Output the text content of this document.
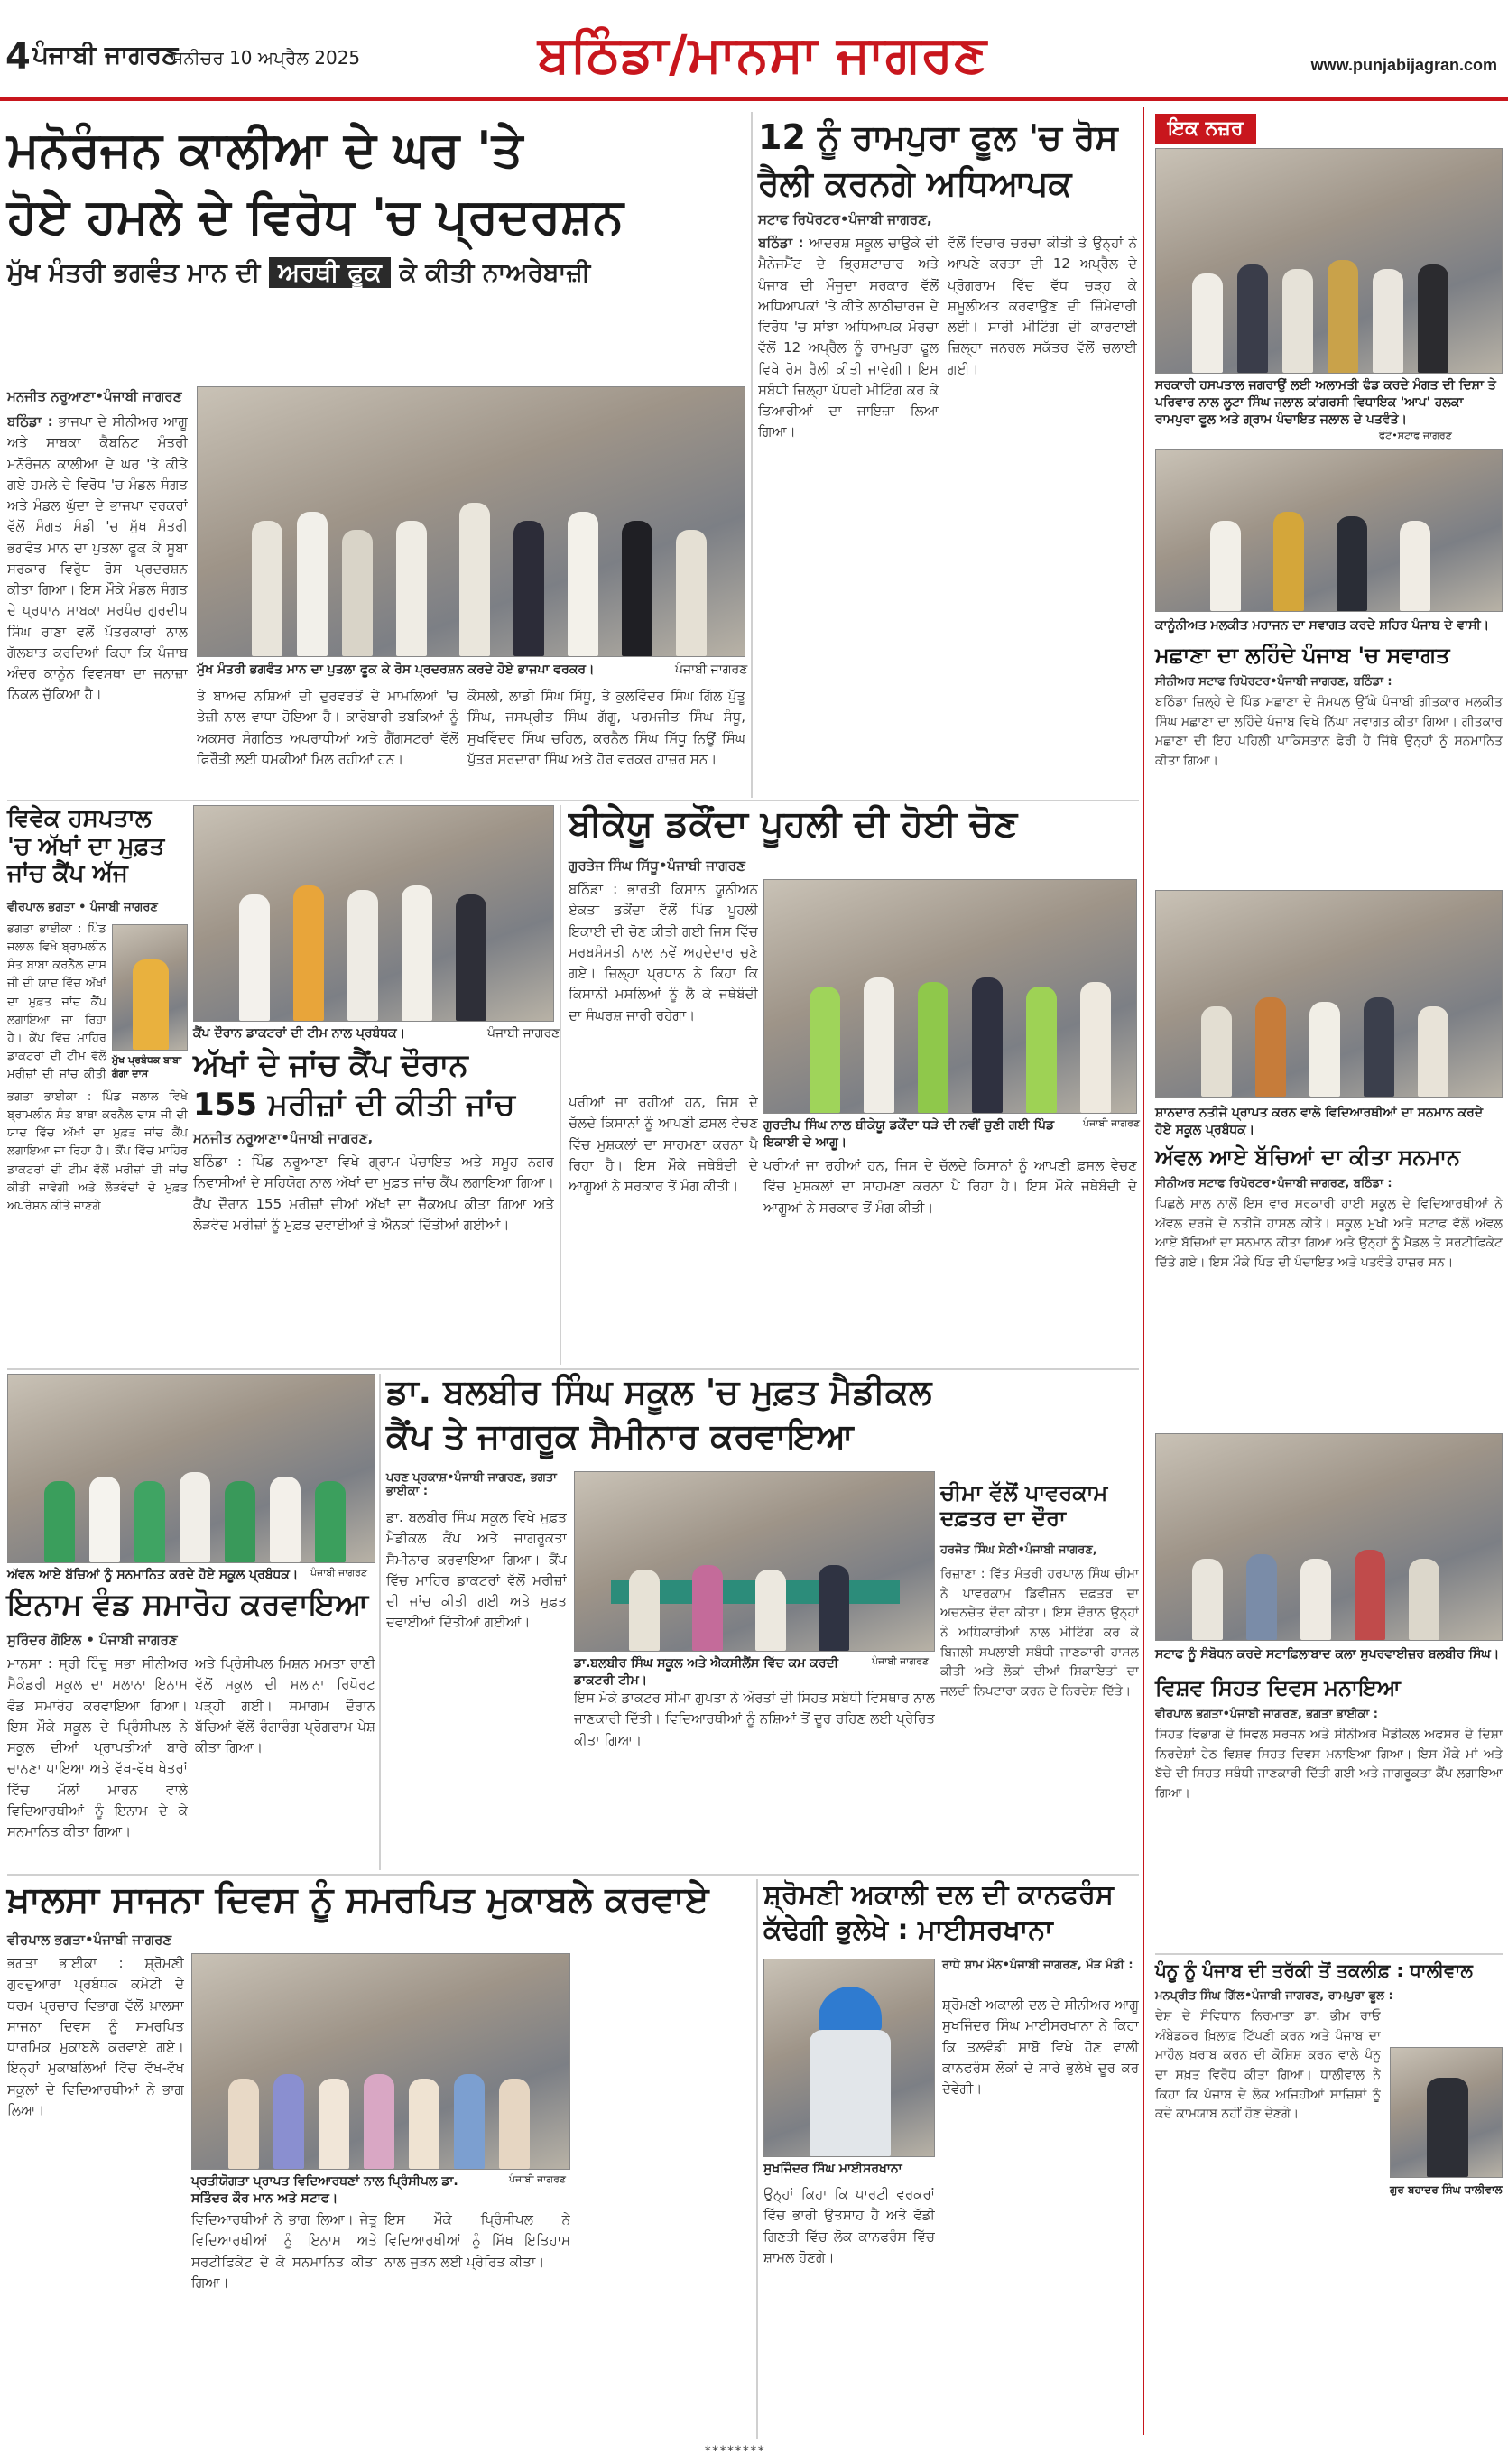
4 ਪੰਜਾਬੀ ਜਾਗਰਣ
ਸਨੀਚਰ 10 ਅਪ੍ਰੈਲ 2025	ਬਠਿੰਡਾ/ਮਾਨਸਾ ਜਾਗਰਣ	www.punjabijagran.com
ਮਨੋਰੰਜਨ ਕਾਲੀਆ ਦੇ ਘਰ 'ਤੇ
ਹੋਏ ਹਮਲੇ ਦੇ ਵਿਰੋਧ 'ਚ ਪ੍ਰਦਰਸ਼ਨ
ਮੁੱਖ ਮੰਤਰੀ ਭਗਵੰਤ ਮਾਨ ਦੀ ਅਰਥੀ ਫੂਕ ਕੇ ਕੀਤੀ ਨਾਅਰੇਬਾਜ਼ੀ
ਮਨਜੀਤ ਨਰੂਆਣਾ•ਪੰਜਾਬੀ ਜਾਗਰਣ
ਬਠਿੰਡਾ : ਭਾਜਪਾ ਦੇ ਸੀਨੀਅਰ ਆਗੂ ਅਤੇ ਸਾਬਕਾ ਕੈਬਨਿਟ ਮੰਤਰੀ ਮਨੋਰੰਜਨ ਕਾਲੀਆ ਦੇ ਘਰ 'ਤੇ ਕੀਤੇ ਗਏ ਹਮਲੇ ਦੇ ਵਿਰੋਧ 'ਚ ਮੰਡਲ ਸੰਗਤ ਅਤੇ ਮੰਡਲ ਘੁੱਦਾ ਦੇ ਭਾਜਪਾ ਵਰਕਰਾਂ ਵੱਲੋਂ ਸੰਗਤ ਮੰਡੀ 'ਚ ਮੁੱਖ ਮੰਤਰੀ ਭਗਵੰਤ ਮਾਨ ਦਾ ਪੁਤਲਾ ਫੂਕ ਕੇ ਸੂਬਾ ਸਰਕਾਰ ਵਿਰੁੱਧ ਰੋਸ ਪ੍ਰਦਰਸ਼ਨ ਕੀਤਾ ਗਿਆ। ਇਸ ਮੌਕੇ ਮੰਡਲ ਸੰਗਤ ਦੇ ਪ੍ਰਧਾਨ ਸਾਬਕਾ ਸਰਪੰਚ ਗੁਰਦੀਪ ਸਿੰਘ ਰਾਣਾ ਵਲੋਂ ਪੱਤਰਕਾਰਾਂ ਨਾਲ ਗੱਲਬਾਤ ਕਰਦਿਆਂ ਕਿਹਾ ਕਿ ਪੰਜਾਬ ਅੰਦਰ ਕਾਨੂੰਨ ਵਿਵਸਥਾ ਦਾ ਜਨਾਜ਼ਾ ਨਿਕਲ ਚੁੱਕਿਆ ਹੈ।
ਮੁੱਖ ਮੰਤਰੀ ਭਗਵੰਤ ਮਾਨ ਦਾ ਪੁਤਲਾ ਫੂਕ ਕੇ ਰੋਸ ਪ੍ਰਦਰਸ਼ਨ ਕਰਦੇ ਹੋਏ ਭਾਜਪਾ ਵਰਕਰ।	ਪੰਜਾਬੀ ਜਾਗਰਣ
ਤੇ ਬਾਅਦ ਨਸ਼ਿਆਂ ਦੀ ਦੁਰਵਰਤੋਂ ਦੇ ਮਾਮਲਿਆਂ 'ਚ ਤੇਜ਼ੀ ਨਾਲ ਵਾਧਾ ਹੋਇਆ ਹੈ। ਕਾਰੋਬਾਰੀ ਤਬਕਿਆਂ ਨੂੰ ਅਕਸਰ ਸੰਗਠਿਤ ਅਪਰਾਧੀਆਂ ਅਤੇ ਗੈਂਗਸਟਰਾਂ ਵੱਲੋਂ ਫਿਰੌਤੀ ਲਈ ਧਮਕੀਆਂ ਮਿਲ ਰਹੀਆਂ ਹਨ।
ਕੌਂਸਲੀ, ਲਾਡੀ ਸਿੰਘ ਸਿੱਧੂ, ਤੇ ਕੁਲਵਿੰਦਰ ਸਿੰਘ ਗਿੱਲ ਪੁੱਤੂ ਸਿੰਘ, ਜਸਪ੍ਰੀਤ ਸਿੰਘ ਗੱਗੂ, ਪਰਮਜੀਤ ਸਿੰਘ ਸੰਧੂ, ਸੁਖਵਿੰਦਰ ਸਿੰਘ ਚਹਿਲ, ਕਰਨੈਲ ਸਿੰਘ ਸਿੱਧੂ ਨਿਊਂ ਸਿੰਘ ਪੁੱਤਰ ਸਰਦਾਰਾ ਸਿੰਘ ਅਤੇ ਹੋਰ ਵਰਕਰ ਹਾਜ਼ਰ ਸਨ।
12 ਨੂੰ ਰਾਮਪੁਰਾ ਫੂਲ 'ਚ ਰੋਸ
ਰੈਲੀ ਕਰਨਗੇ ਅਧਿਆਪਕ
ਸਟਾਫ ਰਿਪੋਰਟਰ•ਪੰਜਾਬੀ ਜਾਗਰਣ,
ਬਠਿੰਡਾ : ਆਦਰਸ਼ ਸਕੂਲ ਚਾਉਕੇ ਦੀ ਮੈਨੇਜਮੈਂਟ ਦੇ ਭ੍ਰਿਸ਼ਟਾਚਾਰ ਅਤੇ ਪੰਜਾਬ ਦੀ ਮੌਜੂਦਾ ਸਰਕਾਰ ਵੱਲੋਂ ਅਧਿਆਪਕਾਂ 'ਤੇ ਕੀਤੇ ਲਾਠੀਚਾਰਜ ਦੇ ਵਿਰੋਧ 'ਚ ਸਾਂਝਾ ਅਧਿਆਪਕ ਮੋਰਚਾ ਵੱਲੋਂ 12 ਅਪ੍ਰੈਲ ਨੂੰ ਰਾਮਪੁਰਾ ਫੂਲ ਵਿਖੇ ਰੋਸ ਰੈਲੀ ਕੀਤੀ ਜਾਵੇਗੀ। ਇਸ ਸਬੰਧੀ ਜ਼ਿਲ੍ਹਾ ਪੱਧਰੀ ਮੀਟਿੰਗ ਕਰ ਕੇ ਤਿਆਰੀਆਂ ਦਾ ਜਾਇਜ਼ਾ ਲਿਆ ਗਿਆ।
ਵੱਲੋਂ ਵਿਚਾਰ ਚਰਚਾ ਕੀਤੀ ਤੇ ਉਨ੍ਹਾਂ ਨੇ ਆਪਣੇ ਕਰਤਾ ਦੀ 12 ਅਪ੍ਰੈਲ ਦੇ ਪ੍ਰੋਗਰਾਮ ਵਿੱਚ ਵੱਧ ਚੜ੍ਹ ਕੇ ਸ਼ਮੂਲੀਅਤ ਕਰਵਾਉਣ ਦੀ ਜ਼ਿੰਮੇਵਾਰੀ ਲਈ। ਸਾਰੀ ਮੀਟਿੰਗ ਦੀ ਕਾਰਵਾਈ ਜ਼ਿਲ੍ਹਾ ਜਨਰਲ ਸਕੱਤਰ ਵੱਲੋਂ ਚਲਾਈ ਗਈ।
ਇਕ ਨਜ਼ਰ
ਸਰਕਾਰੀ ਹਸਪਤਾਲ ਜਗਰਾਉਂ ਲਈ ਅਲਾਮਤੀ ਫੰਡ ਕਰਦੇ ਮੰਗਤ ਦੀ ਦਿਸ਼ਾ ਤੇ ਪਰਿਵਾਰ ਨਾਲ ਲੂਟਾ ਸਿੰਘ ਜਲਾਲ ਕਾਂਗਰਸੀ ਵਿਧਾਇਕ 'ਆਪ' ਹਲਕਾ ਰਾਮਪੁਰਾ ਫੂਲ ਅਤੇ ਗ੍ਰਾਮ ਪੰਚਾਇਤ ਜਲਾਲ ਦੇ ਪਤਵੰਤੇ।
ਫੋਟੋ•ਸਟਾਫ ਜਾਗਰਣ
ਕਾਨੂੰਨੀਅਤ ਮਲਕੀਤ ਮਹਾਜਨ ਦਾ ਸਵਾਗਤ ਕਰਦੇ ਸ਼ਹਿਰ ਪੰਜਾਬ ਦੇ ਵਾਸੀ।
ਮਛਾਣਾ ਦਾ ਲਹਿੰਦੇ ਪੰਜਾਬ 'ਚ ਸਵਾਗਤ
ਸੀਨੀਅਰ ਸਟਾਫ ਰਿਪੋਰਟਰ•ਪੰਜਾਬੀ ਜਾਗਰਣ, ਬਠਿੰਡਾ :
ਬਠਿੰਡਾ ਜ਼ਿਲ੍ਹੇ ਦੇ ਪਿੰਡ ਮਛਾਣਾ ਦੇ ਜੰਮਪਲ ਉੱਘੇ ਪੰਜਾਬੀ ਗੀਤਕਾਰ ਮਲਕੀਤ ਸਿੰਘ ਮਛਾਣਾ ਦਾ ਲਹਿੰਦੇ ਪੰਜਾਬ ਵਿਖੇ ਨਿੱਘਾ ਸਵਾਗਤ ਕੀਤਾ ਗਿਆ। ਗੀਤਕਾਰ ਮਛਾਣਾ ਦੀ ਇਹ ਪਹਿਲੀ ਪਾਕਿਸਤਾਨ ਫੇਰੀ ਹੈ ਜਿੱਥੇ ਉਨ੍ਹਾਂ ਨੂੰ ਸਨਮਾਨਿਤ ਕੀਤਾ ਗਿਆ।
ਸ਼ਾਨਦਾਰ ਨਤੀਜੇ ਪ੍ਰਾਪਤ ਕਰਨ ਵਾਲੇ ਵਿਦਿਆਰਥੀਆਂ ਦਾ ਸਨਮਾਨ ਕਰਦੇ ਹੋਏ ਸਕੂਲ ਪ੍ਰਬੰਧਕ।
ਅੱਵਲ ਆਏ ਬੱਚਿਆਂ ਦਾ ਕੀਤਾ ਸਨਮਾਨ
ਸੀਨੀਅਰ ਸਟਾਫ ਰਿਪੋਰਟਰ•ਪੰਜਾਬੀ ਜਾਗਰਣ, ਬਠਿੰਡਾ :
ਪਿਛਲੇ ਸਾਲ ਨਾਲੋਂ ਇਸ ਵਾਰ ਸਰਕਾਰੀ ਹਾਈ ਸਕੂਲ ਦੇ ਵਿਦਿਆਰਥੀਆਂ ਨੇ ਅੱਵਲ ਦਰਜੇ ਦੇ ਨਤੀਜੇ ਹਾਸਲ ਕੀਤੇ। ਸਕੂਲ ਮੁਖੀ ਅਤੇ ਸਟਾਫ ਵੱਲੋਂ ਅੱਵਲ ਆਏ ਬੱਚਿਆਂ ਦਾ ਸਨਮਾਨ ਕੀਤਾ ਗਿਆ ਅਤੇ ਉਨ੍ਹਾਂ ਨੂੰ ਮੈਡਲ ਤੇ ਸਰਟੀਫਿਕੇਟ ਦਿੱਤੇ ਗਏ। ਇਸ ਮੌਕੇ ਪਿੰਡ ਦੀ ਪੰਚਾਇਤ ਅਤੇ ਪਤਵੰਤੇ ਹਾਜ਼ਰ ਸਨ।
ਸਟਾਫ ਨੂੰ ਸੰਬੋਧਨ ਕਰਦੇ ਸਟਾਫ਼ਿਲਾਬਾਦ ਕਲਾ ਸੁਪਰਵਾਈਜ਼ਰ ਬਲਬੀਰ ਸਿੰਘ।
ਵਿਸ਼ਵ ਸਿਹਤ ਦਿਵਸ ਮਨਾਇਆ
ਵੀਰਪਾਲ ਭਗਤਾ•ਪੰਜਾਬੀ ਜਾਗਰਣ, ਭਗਤਾ ਭਾਈਕਾ :
ਸਿਹਤ ਵਿਭਾਗ ਦੇ ਸਿਵਲ ਸਰਜਨ ਅਤੇ ਸੀਨੀਅਰ ਮੈਡੀਕਲ ਅਫਸਰ ਦੇ ਦਿਸ਼ਾ ਨਿਰਦੇਸ਼ਾਂ ਹੇਠ ਵਿਸ਼ਵ ਸਿਹਤ ਦਿਵਸ ਮਨਾਇਆ ਗਿਆ। ਇਸ ਮੌਕੇ ਮਾਂ ਅਤੇ ਬੱਚੇ ਦੀ ਸਿਹਤ ਸਬੰਧੀ ਜਾਣਕਾਰੀ ਦਿੱਤੀ ਗਈ ਅਤੇ ਜਾਗਰੂਕਤਾ ਕੈਂਪ ਲਗਾਇਆ ਗਿਆ।
ਪੰਨੂ ਨੂੰ ਪੰਜਾਬ ਦੀ ਤਰੱਕੀ ਤੋਂ ਤਕਲੀਫ਼ : ਧਾਲੀਵਾਲ
ਮਨਪ੍ਰੀਤ ਸਿੰਘ ਗਿੱਲ•ਪੰਜਾਬੀ ਜਾਗਰਣ, ਰਾਮਪੁਰਾ ਫੂਲ :
ਦੇਸ਼ ਦੇ ਸੰਵਿਧਾਨ ਨਿਰਮਾਤਾ ਡਾ. ਭੀਮ ਰਾਓ ਅੰਬੇਡਕਰ ਖ਼ਿਲਾਫ਼ ਟਿੱਪਣੀ ਕਰਨ ਅਤੇ ਪੰਜਾਬ ਦਾ ਮਾਹੌਲ ਖ਼ਰਾਬ ਕਰਨ ਦੀ ਕੋਸ਼ਿਸ਼ ਕਰਨ ਵਾਲੇ ਪੰਨੂ ਦਾ ਸਖ਼ਤ ਵਿਰੋਧ ਕੀਤਾ ਗਿਆ। ਧਾਲੀਵਾਲ ਨੇ ਕਿਹਾ ਕਿ ਪੰਜਾਬ ਦੇ ਲੋਕ ਅਜਿਹੀਆਂ ਸਾਜ਼ਿਸ਼ਾਂ ਨੂੰ ਕਦੇ ਕਾਮਯਾਬ ਨਹੀਂ ਹੋਣ ਦੇਣਗੇ।
ਗੁਰ ਬਹਾਦਰ ਸਿੰਘ ਧਾਲੀਵਾਲ
ਵਿਵੇਕ ਹਸਪਤਾਲ
'ਚ ਅੱਖਾਂ ਦਾ ਮੁਫ਼ਤ
ਜਾਂਚ ਕੈਂਪ ਅੱਜ
ਵੀਰਪਾਲ ਭਗਤਾ • ਪੰਜਾਬੀ ਜਾਗਰਣ
ਭਗਤਾ ਭਾਈਕਾ : ਪਿੰਡ ਜਲਾਲ ਵਿਖੇ ਬ੍ਰਾਮਲੀਨ ਸੰਤ ਬਾਬਾ ਕਰਨੈਲ ਦਾਸ ਜੀ ਦੀ ਯਾਦ ਵਿੱਚ ਅੱਖਾਂ ਦਾ ਮੁਫ਼ਤ ਜਾਂਚ ਕੈਂਪ ਲਗਾਇਆ ਜਾ ਰਿਹਾ ਹੈ। ਕੈਂਪ ਵਿੱਚ ਮਾਹਿਰ ਡਾਕਟਰਾਂ ਦੀ ਟੀਮ ਵੱਲੋਂ ਮਰੀਜ਼ਾਂ ਦੀ ਜਾਂਚ ਕੀਤੀ
ਮੁੱਖ ਪ੍ਰਬੰਧਕ ਬਾਬਾ ਗੰਗਾ ਦਾਸ
ਭਗਤਾ ਭਾਈਕਾ : ਪਿੰਡ ਜਲਾਲ ਵਿਖੇ ਬ੍ਰਾਮਲੀਨ ਸੰਤ ਬਾਬਾ ਕਰਨੈਲ ਦਾਸ ਜੀ ਦੀ ਯਾਦ ਵਿੱਚ ਅੱਖਾਂ ਦਾ ਮੁਫ਼ਤ ਜਾਂਚ ਕੈਂਪ ਲਗਾਇਆ ਜਾ ਰਿਹਾ ਹੈ। ਕੈਂਪ ਵਿੱਚ ਮਾਹਿਰ ਡਾਕਟਰਾਂ ਦੀ ਟੀਮ ਵੱਲੋਂ ਮਰੀਜ਼ਾਂ ਦੀ ਜਾਂਚ ਕੀਤੀ ਜਾਵੇਗੀ ਅਤੇ ਲੋੜਵੰਦਾਂ ਦੇ ਮੁਫ਼ਤ ਅਪਰੇਸ਼ਨ ਕੀਤੇ ਜਾਣਗੇ।
ਕੈਂਪ ਦੌਰਾਨ ਡਾਕਟਰਾਂ ਦੀ ਟੀਮ ਨਾਲ ਪ੍ਰਬੰਧਕ।	ਪੰਜਾਬੀ ਜਾਗਰਣ
ਅੱਖਾਂ ਦੇ ਜਾਂਚ ਕੈਂਪ ਦੌਰਾਨ
155 ਮਰੀਜ਼ਾਂ ਦੀ ਕੀਤੀ ਜਾਂਚ
ਮਨਜੀਤ ਨਰੂਆਣਾ•ਪੰਜਾਬੀ ਜਾਗਰਣ,
ਬਠਿੰਡਾ : ਪਿੰਡ ਨਰੂਆਣਾ ਵਿਖੇ ਗ੍ਰਾਮ ਪੰਚਾਇਤ ਅਤੇ ਸਮੂਹ ਨਗਰ ਨਿਵਾਸੀਆਂ ਦੇ ਸਹਿਯੋਗ ਨਾਲ ਅੱਖਾਂ ਦਾ ਮੁਫ਼ਤ ਜਾਂਚ ਕੈਂਪ ਲਗਾਇਆ ਗਿਆ। ਕੈਂਪ ਦੌਰਾਨ 155 ਮਰੀਜ਼ਾਂ ਦੀਆਂ ਅੱਖਾਂ ਦਾ ਚੈੱਕਅਪ ਕੀਤਾ ਗਿਆ ਅਤੇ ਲੋੜਵੰਦ ਮਰੀਜ਼ਾਂ ਨੂੰ ਮੁਫ਼ਤ ਦਵਾਈਆਂ ਤੇ ਐਨਕਾਂ ਦਿੱਤੀਆਂ ਗਈਆਂ।
ਬੀਕੇਯੂ ਡਕੌਂਦਾ ਪੂਹਲੀ ਦੀ ਹੋਈ ਚੋਣ
ਗੁਰਤੇਜ ਸਿੰਘ ਸਿੱਧੂ•ਪੰਜਾਬੀ ਜਾਗਰਣ
ਬਠਿੰਡਾ : ਭਾਰਤੀ ਕਿਸਾਨ ਯੂਨੀਅਨ ਏਕਤਾ ਡਕੌਂਦਾ ਵੱਲੋਂ ਪਿੰਡ ਪੂਹਲੀ ਇਕਾਈ ਦੀ ਚੋਣ ਕੀਤੀ ਗਈ ਜਿਸ ਵਿੱਚ ਸਰਬਸੰਮਤੀ ਨਾਲ ਨਵੇਂ ਅਹੁਦੇਦਾਰ ਚੁਣੇ ਗਏ। ਜ਼ਿਲ੍ਹਾ ਪ੍ਰਧਾਨ ਨੇ ਕਿਹਾ ਕਿ ਕਿਸਾਨੀ ਮਸਲਿਆਂ ਨੂੰ ਲੈ ਕੇ ਜਥੇਬੰਦੀ ਦਾ ਸੰਘਰਸ਼ ਜਾਰੀ ਰਹੇਗਾ।
ਗੁਰਦੀਪ ਸਿੰਘ ਨਾਲ ਬੀਕੇਯੂ ਡਕੌਂਦਾ ਧੜੇ ਦੀ ਨਵੀਂ ਚੁਣੀ ਗਈ ਪਿੰਡ ਇਕਾਈ ਦੇ ਆਗੂ।
ਪੰਜਾਬੀ ਜਾਗਰਣ
ਪਰੀਆਂ ਜਾ ਰਹੀਆਂ ਹਨ, ਜਿਸ ਦੇ ਚੱਲਦੇ ਕਿਸਾਨਾਂ ਨੂੰ ਆਪਣੀ ਫ਼ਸਲ ਵੇਚਣ ਵਿੱਚ ਮੁਸ਼ਕਲਾਂ ਦਾ ਸਾਹਮਣਾ ਕਰਨਾ ਪੈ ਰਿਹਾ ਹੈ। ਇਸ ਮੌਕੇ ਜਥੇਬੰਦੀ ਦੇ ਆਗੂਆਂ ਨੇ ਸਰਕਾਰ ਤੋਂ ਮੰਗ ਕੀਤੀ।
ਪਰੀਆਂ ਜਾ ਰਹੀਆਂ ਹਨ, ਜਿਸ ਦੇ ਚੱਲਦੇ ਕਿਸਾਨਾਂ ਨੂੰ ਆਪਣੀ ਫ਼ਸਲ ਵੇਚਣ ਵਿੱਚ ਮੁਸ਼ਕਲਾਂ ਦਾ ਸਾਹਮਣਾ ਕਰਨਾ ਪੈ ਰਿਹਾ ਹੈ। ਇਸ ਮੌਕੇ ਜਥੇਬੰਦੀ ਦੇ ਆਗੂਆਂ ਨੇ ਸਰਕਾਰ ਤੋਂ ਮੰਗ ਕੀਤੀ।
ਅੱਵਲ ਆਏ ਬੱਚਿਆਂ ਨੂੰ ਸਨਮਾਨਿਤ ਕਰਦੇ ਹੋਏ ਸਕੂਲ ਪ੍ਰਬੰਧਕ।	ਪੰਜਾਬੀ ਜਾਗਰਣ
ਇਨਾਮ ਵੰਡ ਸਮਾਰੋਹ ਕਰਵਾਇਆ
ਸੁਰਿੰਦਰ ਗੋਇਲ • ਪੰਜਾਬੀ ਜਾਗਰਣ
ਮਾਨਸਾ : ਸ੍ਰੀ ਹਿੰਦੂ ਸਭਾ ਸੀਨੀਅਰ ਸੈਕੰਡਰੀ ਸਕੂਲ ਦਾ ਸਲਾਨਾ ਇਨਾਮ ਵੰਡ ਸਮਾਰੋਹ ਕਰਵਾਇਆ ਗਿਆ। ਇਸ ਮੌਕੇ ਸਕੂਲ ਦੇ ਪ੍ਰਿੰਸੀਪਲ ਨੇ ਸਕੂਲ ਦੀਆਂ ਪ੍ਰਾਪਤੀਆਂ ਬਾਰੇ ਚਾਨਣਾ ਪਾਇਆ ਅਤੇ ਵੱਖ-ਵੱਖ ਖੇਤਰਾਂ ਵਿੱਚ ਮੱਲਾਂ ਮਾਰਨ ਵਾਲੇ ਵਿਦਿਆਰਥੀਆਂ ਨੂੰ ਇਨਾਮ ਦੇ ਕੇ ਸਨਮਾਨਿਤ ਕੀਤਾ ਗਿਆ।
ਅਤੇ ਪ੍ਰਿੰਸੀਪਲ ਮਿਸ਼ਨ ਮਮਤਾ ਰਾਣੀ ਵੱਲੋਂ ਸਕੂਲ ਦੀ ਸਲਾਨਾ ਰਿਪੋਰਟ ਪੜ੍ਹੀ ਗਈ। ਸਮਾਗਮ ਦੌਰਾਨ ਬੱਚਿਆਂ ਵੱਲੋਂ ਰੰਗਾਰੰਗ ਪ੍ਰੋਗਰਾਮ ਪੇਸ਼ ਕੀਤਾ ਗਿਆ।
ਡਾ. ਬਲਬੀਰ ਸਿੰਘ ਸਕੂਲ 'ਚ ਮੁਫ਼ਤ ਮੈਡੀਕਲ
ਕੈਂਪ ਤੇ ਜਾਗਰੂਕ ਸੈਮੀਨਾਰ ਕਰਵਾਇਆ
ਪਰਣ ਪ੍ਰਕਾਸ਼•ਪੰਜਾਬੀ ਜਾਗਰਣ, ਭਗਤਾ ਭਾਈਕਾ :
ਡਾ. ਬਲਬੀਰ ਸਿੰਘ ਸਕੂਲ ਵਿਖੇ ਮੁਫ਼ਤ ਮੈਡੀਕਲ ਕੈਂਪ ਅਤੇ ਜਾਗਰੂਕਤਾ ਸੈਮੀਨਾਰ ਕਰਵਾਇਆ ਗਿਆ। ਕੈਂਪ ਵਿੱਚ ਮਾਹਿਰ ਡਾਕਟਰਾਂ ਵੱਲੋਂ ਮਰੀਜ਼ਾਂ ਦੀ ਜਾਂਚ ਕੀਤੀ ਗਈ ਅਤੇ ਮੁਫ਼ਤ ਦਵਾਈਆਂ ਦਿੱਤੀਆਂ ਗਈਆਂ।
ਡਾ.ਬਲਬੀਰ ਸਿੰਘ ਸਕੂਲ ਅਤੇ ਐਕਸੀਲੈਂਸ ਵਿੱਚ ਕਮ ਕਰਦੀ ਡਾਕਟਰੀ ਟੀਮ।
ਪੰਜਾਬੀ ਜਾਗਰਣ
ਇਸ ਮੌਕੇ ਡਾਕਟਰ ਸੀਮਾ ਗੁਪਤਾ ਨੇ ਔਰਤਾਂ ਦੀ ਸਿਹਤ ਸਬੰਧੀ ਵਿਸਥਾਰ ਨਾਲ ਜਾਣਕਾਰੀ ਦਿੱਤੀ। ਵਿਦਿਆਰਥੀਆਂ ਨੂੰ ਨਸ਼ਿਆਂ ਤੋਂ ਦੂਰ ਰਹਿਣ ਲਈ ਪ੍ਰੇਰਿਤ ਕੀਤਾ ਗਿਆ।
ਚੀਮਾ ਵੱਲੋਂ ਪਾਵਰਕਾਮ
ਦਫ਼ਤਰ ਦਾ ਦੌਰਾ
ਹਰਜੋਤ ਸਿੰਘ ਸੇਠੀ•ਪੰਜਾਬੀ ਜਾਗਰਣ,
ਰਿਜ਼ਾਣਾ : ਵਿੱਤ ਮੰਤਰੀ ਹਰਪਾਲ ਸਿੰਘ ਚੀਮਾ ਨੇ ਪਾਵਰਕਾਮ ਡਿਵੀਜ਼ਨ ਦਫ਼ਤਰ ਦਾ ਅਚਨਚੇਤ ਦੌਰਾ ਕੀਤਾ। ਇਸ ਦੌਰਾਨ ਉਨ੍ਹਾਂ ਨੇ ਅਧਿਕਾਰੀਆਂ ਨਾਲ ਮੀਟਿੰਗ ਕਰ ਕੇ ਬਿਜਲੀ ਸਪਲਾਈ ਸਬੰਧੀ ਜਾਣਕਾਰੀ ਹਾਸਲ ਕੀਤੀ ਅਤੇ ਲੋਕਾਂ ਦੀਆਂ ਸ਼ਿਕਾਇਤਾਂ ਦਾ ਜਲਦੀ ਨਿਪਟਾਰਾ ਕਰਨ ਦੇ ਨਿਰਦੇਸ਼ ਦਿੱਤੇ।
ਖ਼ਾਲਸਾ ਸਾਜਨਾ ਦਿਵਸ ਨੂੰ ਸਮਰਪਿਤ ਮੁਕਾਬਲੇ ਕਰਵਾਏ
ਵੀਰਪਾਲ ਭਗਤਾ•ਪੰਜਾਬੀ ਜਾਗਰਣ
ਭਗਤਾ ਭਾਈਕਾ : ਸ਼੍ਰੋਮਣੀ ਗੁਰਦੁਆਰਾ ਪ੍ਰਬੰਧਕ ਕਮੇਟੀ ਦੇ ਧਰਮ ਪ੍ਰਚਾਰ ਵਿਭਾਗ ਵੱਲੋਂ ਖ਼ਾਲਸਾ ਸਾਜਨਾ ਦਿਵਸ ਨੂੰ ਸਮਰਪਿਤ ਧਾਰਮਿਕ ਮੁਕਾਬਲੇ ਕਰਵਾਏ ਗਏ। ਇਨ੍ਹਾਂ ਮੁਕਾਬਲਿਆਂ ਵਿੱਚ ਵੱਖ-ਵੱਖ ਸਕੂਲਾਂ ਦੇ ਵਿਦਿਆਰਥੀਆਂ ਨੇ ਭਾਗ ਲਿਆ।
ਪ੍ਰਤੀਯੋਗਤਾ ਪ੍ਰਾਪਤ ਵਿਦਿਆਰਥਣਾਂ ਨਾਲ ਪ੍ਰਿੰਸੀਪਲ ਡਾ. ਸਤਿੰਦਰ ਕੌਰ ਮਾਨ ਅਤੇ ਸਟਾਫ।
ਪੰਜਾਬੀ ਜਾਗਰਣ
ਵਿਦਿਆਰਥੀਆਂ ਨੇ ਭਾਗ ਲਿਆ। ਜੇਤੂ ਵਿਦਿਆਰਥੀਆਂ ਨੂੰ ਇਨਾਮ ਅਤੇ ਸਰਟੀਫਿਕੇਟ ਦੇ ਕੇ ਸਨਮਾਨਿਤ ਕੀਤਾ ਗਿਆ।
ਇਸ ਮੌਕੇ ਪ੍ਰਿੰਸੀਪਲ ਨੇ ਵਿਦਿਆਰਥੀਆਂ ਨੂੰ ਸਿੱਖ ਇਤਿਹਾਸ ਨਾਲ ਜੁੜਨ ਲਈ ਪ੍ਰੇਰਿਤ ਕੀਤਾ।
ਸ਼੍ਰੋਮਣੀ ਅਕਾਲੀ ਦਲ ਦੀ ਕਾਨਫਰੰਸ
ਕੱਢੇਗੀ ਭੁਲੇਖੇ : ਮਾਈਸਰਖਾਨਾ
ਸੁਖਜਿੰਦਰ ਸਿੰਘ ਮਾਈਸਰਖਾਨਾ
ਰਾਧੇ ਸ਼ਾਮ ਮੌਨ•ਪੰਜਾਬੀ ਜਾਗਰਣ, ਮੌੜ ਮੰਡੀ :
ਸ਼੍ਰੋਮਣੀ ਅਕਾਲੀ ਦਲ ਦੇ ਸੀਨੀਅਰ ਆਗੂ ਸੁਖਜਿੰਦਰ ਸਿੰਘ ਮਾਈਸਰਖਾਨਾ ਨੇ ਕਿਹਾ ਕਿ ਤਲਵੰਡੀ ਸਾਬੋ ਵਿਖੇ ਹੋਣ ਵਾਲੀ ਕਾਨਫਰੰਸ ਲੋਕਾਂ ਦੇ ਸਾਰੇ ਭੁਲੇਖੇ ਦੂਰ ਕਰ ਦੇਵੇਗੀ।
ਉਨ੍ਹਾਂ ਕਿਹਾ ਕਿ ਪਾਰਟੀ ਵਰਕਰਾਂ ਵਿੱਚ ਭਾਰੀ ਉਤਸ਼ਾਹ ਹੈ ਅਤੇ ਵੱਡੀ ਗਿਣਤੀ ਵਿੱਚ ਲੋਕ ਕਾਨਫਰੰਸ ਵਿੱਚ ਸ਼ਾਮਲ ਹੋਣਗੇ।
********
